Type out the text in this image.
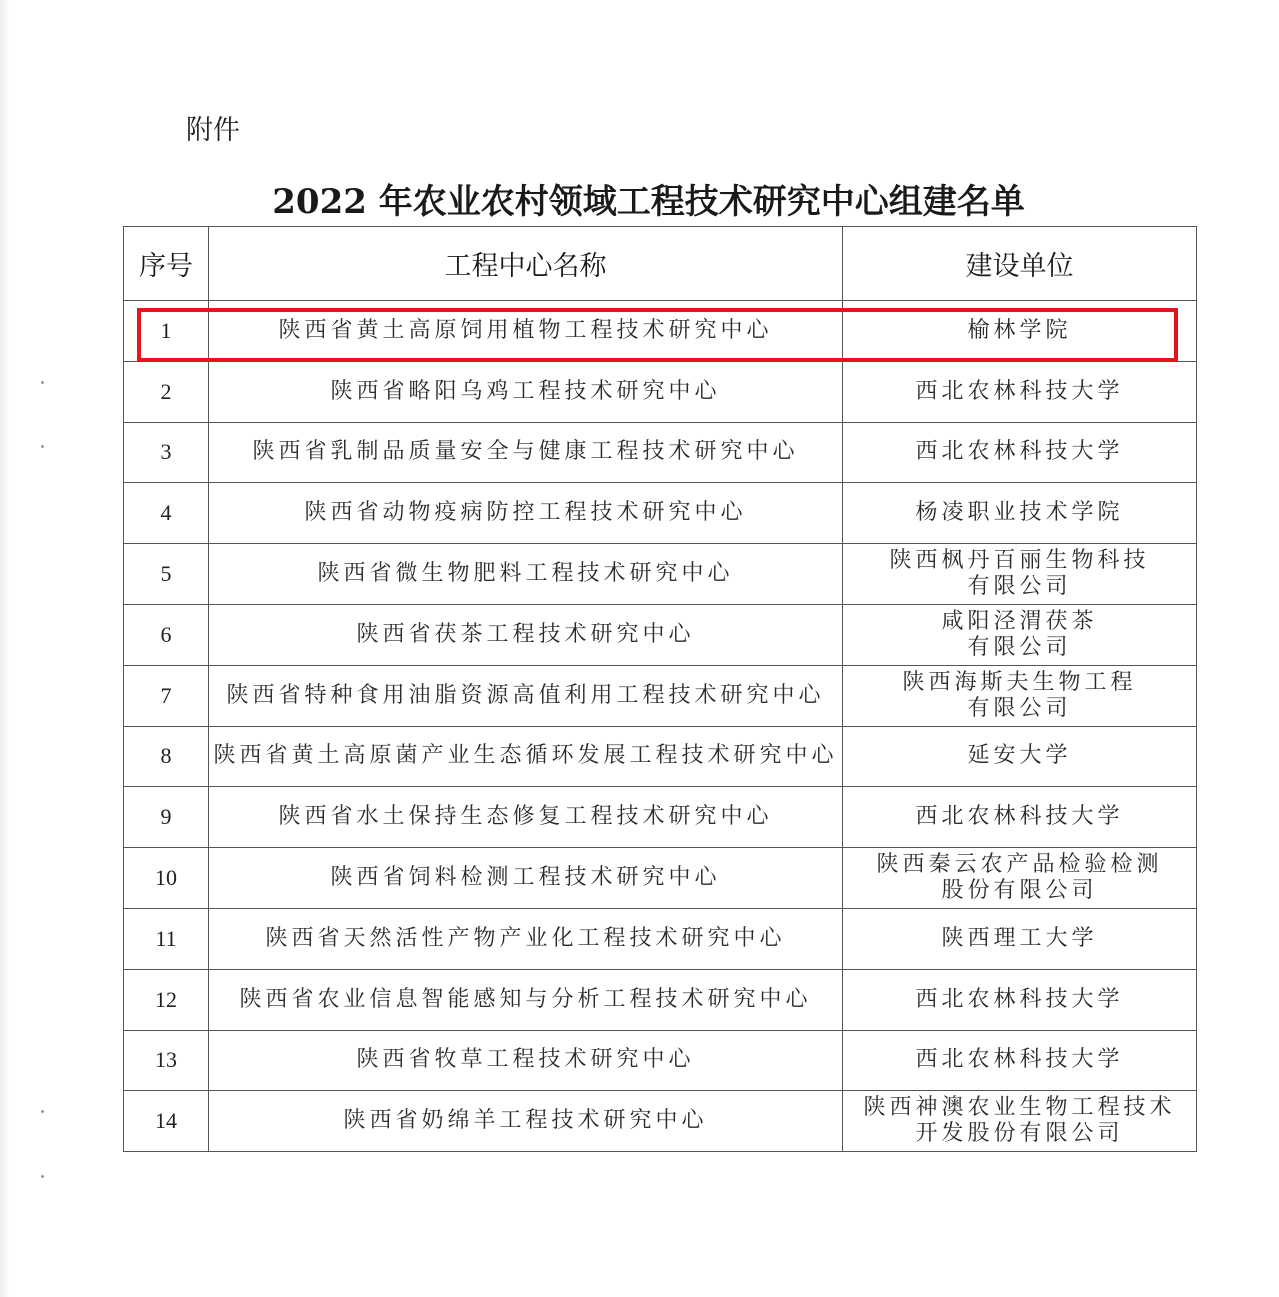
附件
2022 年农业农村领域工程技术研究中心组建名单
序号	工程中心名称	建设单位
1	陕西省黄土高原饲用植物工程技术研究中心	榆林学院
2	陕西省略阳乌鸡工程技术研究中心	西北农林科技大学
3	陕西省乳制品质量安全与健康工程技术研究中心	西北农林科技大学
4	陕西省动物疫病防控工程技术研究中心	杨凌职业技术学院
5	陕西省微生物肥料工程技术研究中心	陕西枫丹百丽生物科技
有限公司
6	陕西省茯茶工程技术研究中心	咸阳泾渭茯茶
有限公司
7	陕西省特种食用油脂资源高值利用工程技术研究中心	陕西海斯夫生物工程
有限公司
8	陕西省黄土高原菌产业生态循环发展工程技术研究中心	延安大学
9	陕西省水土保持生态修复工程技术研究中心	西北农林科技大学
10	陕西省饲料检测工程技术研究中心	陕西秦云农产品检验检测
股份有限公司
11	陕西省天然活性产物产业化工程技术研究中心	陕西理工大学
12	陕西省农业信息智能感知与分析工程技术研究中心	西北农林科技大学
13	陕西省牧草工程技术研究中心	西北农林科技大学
14	陕西省奶绵羊工程技术研究中心	陕西神澳农业生物工程技术
开发股份有限公司
